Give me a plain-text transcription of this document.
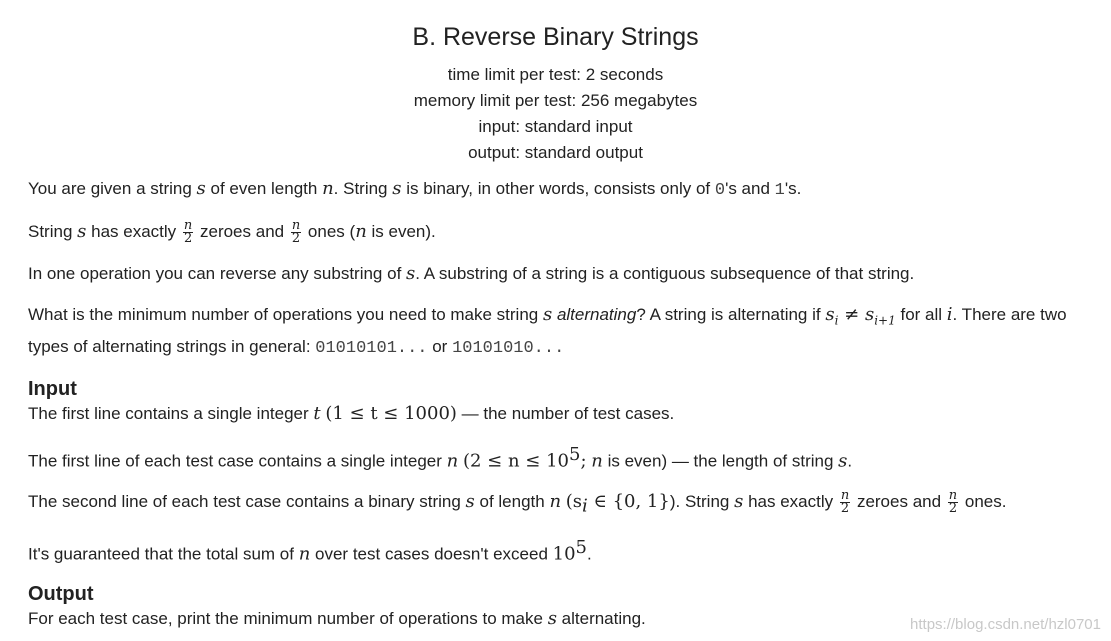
B. Reverse Binary Strings
time limit per test: 2 seconds
memory limit per test: 256 megabytes
input: standard input
output: standard output

You are given a string s of even length n. String s is binary, in other words, consists only of 0's and 1's.

String s has exactly $\frac{n}{2}$ zeroes and $\frac{n}{2}$ ones (n is even).

In one operation you can reverse any substring of s. A substring of a string is a contiguous subsequence of that string.

What is the minimum number of operations you need to make string s alternating? A string is alternating if $s_i \ne s_{i+1}$ for all i. There are two types of alternating strings in general: 01010101... or 10101010...

Input

The first line contains a single integer t (1 ≤ t ≤ 1000) — the number of test cases.

The first line of each test case contains a single integer n ($2 \le n \le 10^5$; n is even) — the length of string s.

The second line of each test case contains a binary string s of length n ($s_i$ ∈ {0, 1}). String s has exactly $\frac{n}{2}$ zeroes and $\frac{n}{2}$ ones.

It's guaranteed that the total sum of n over test cases doesn't exceed $10^5$.

Output

For each test case, print the minimum number of operations to make s alternating.	https://blog.csdn.net/hzl0701
